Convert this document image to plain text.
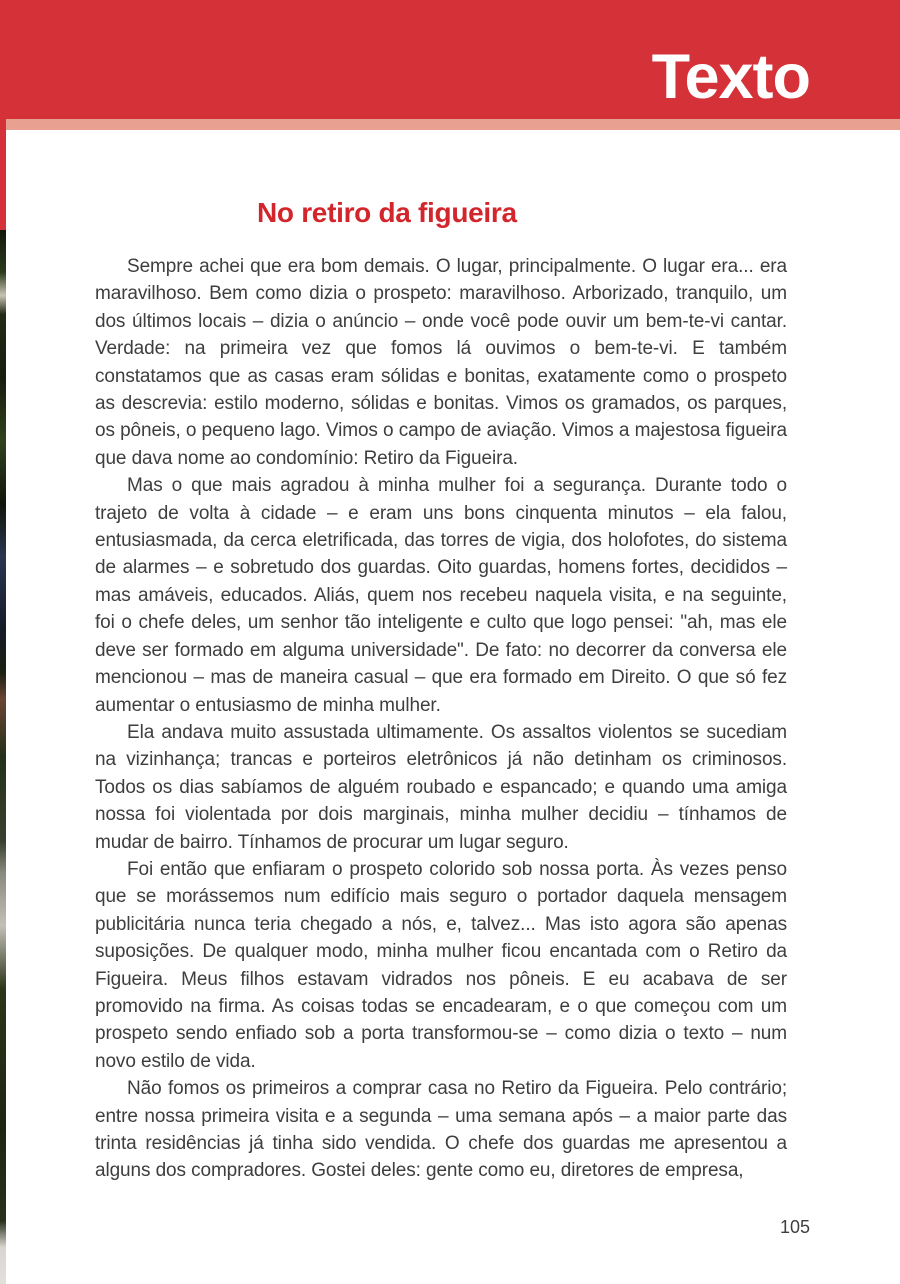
Texto
No retiro da figueira

Sempre achei que era bom demais. O lugar, principalmente. O lugar era... era maravilhoso. Bem como dizia o prospeto: maravilhoso. Arborizado, tranquilo, um dos últimos locais – dizia o anúncio – onde você pode ouvir um bem-te-vi cantar. Verdade: na primeira vez que fomos lá ouvimos o bem-te-vi. E também constatamos que as casas eram sólidas e bonitas, exatamente como o prospeto as descrevia: estilo moderno, sólidas e bonitas. Vimos os gramados, os parques, os pôneis, o pequeno lago. Vimos o campo de aviação. Vimos a majestosa figueira que dava nome ao condomínio: Retiro da Figueira.

Mas o que mais agradou à minha mulher foi a segurança. Durante todo o trajeto de volta à cidade – e eram uns bons cinquenta minutos – ela falou, entusiasmada, da cerca eletrificada, das torres de vigia, dos holofotes, do sistema de alarmes – e sobretudo dos guardas. Oito guardas, homens fortes, decididos – mas amáveis, educados. Aliás, quem nos recebeu naquela visita, e na seguinte, foi o chefe deles, um senhor tão inteligente e culto que logo pensei: "ah, mas ele deve ser formado em alguma universidade". De fato: no decorrer da conversa ele mencionou – mas de maneira casual – que era formado em Direito. O que só fez aumentar o entusiasmo de minha mulher.

Ela andava muito assustada ultimamente. Os assaltos violentos se sucediam na vizinhança; trancas e porteiros eletrônicos já não detinham os criminosos. Todos os dias sabíamos de alguém roubado e espancado; e quando uma amiga nossa foi violentada por dois marginais, minha mulher decidiu – tínhamos de mudar de bairro. Tínhamos de procurar um lugar seguro.

Foi então que enfiaram o prospeto colorido sob nossa porta. Às vezes penso que se morássemos num edifício mais seguro o portador daquela mensagem publicitária nunca teria chegado a nós, e, talvez... Mas isto agora são apenas suposições. De qualquer modo, minha mulher ficou encantada com o Retiro da Figueira. Meus filhos estavam vidrados nos pôneis. E eu acabava de ser promovido na firma. As coisas todas se encadearam, e o que começou com um prospeto sendo enfiado sob a porta transformou-se – como dizia o texto – num novo estilo de vida.

Não fomos os primeiros a comprar casa no Retiro da Figueira. Pelo contrário; entre nossa primeira visita e a segunda – uma semana após – a maior parte das trinta residências já tinha sido vendida. O chefe dos guardas me apresentou a alguns dos compradores. Gostei deles: gente como eu, diretores de empresa,

105
